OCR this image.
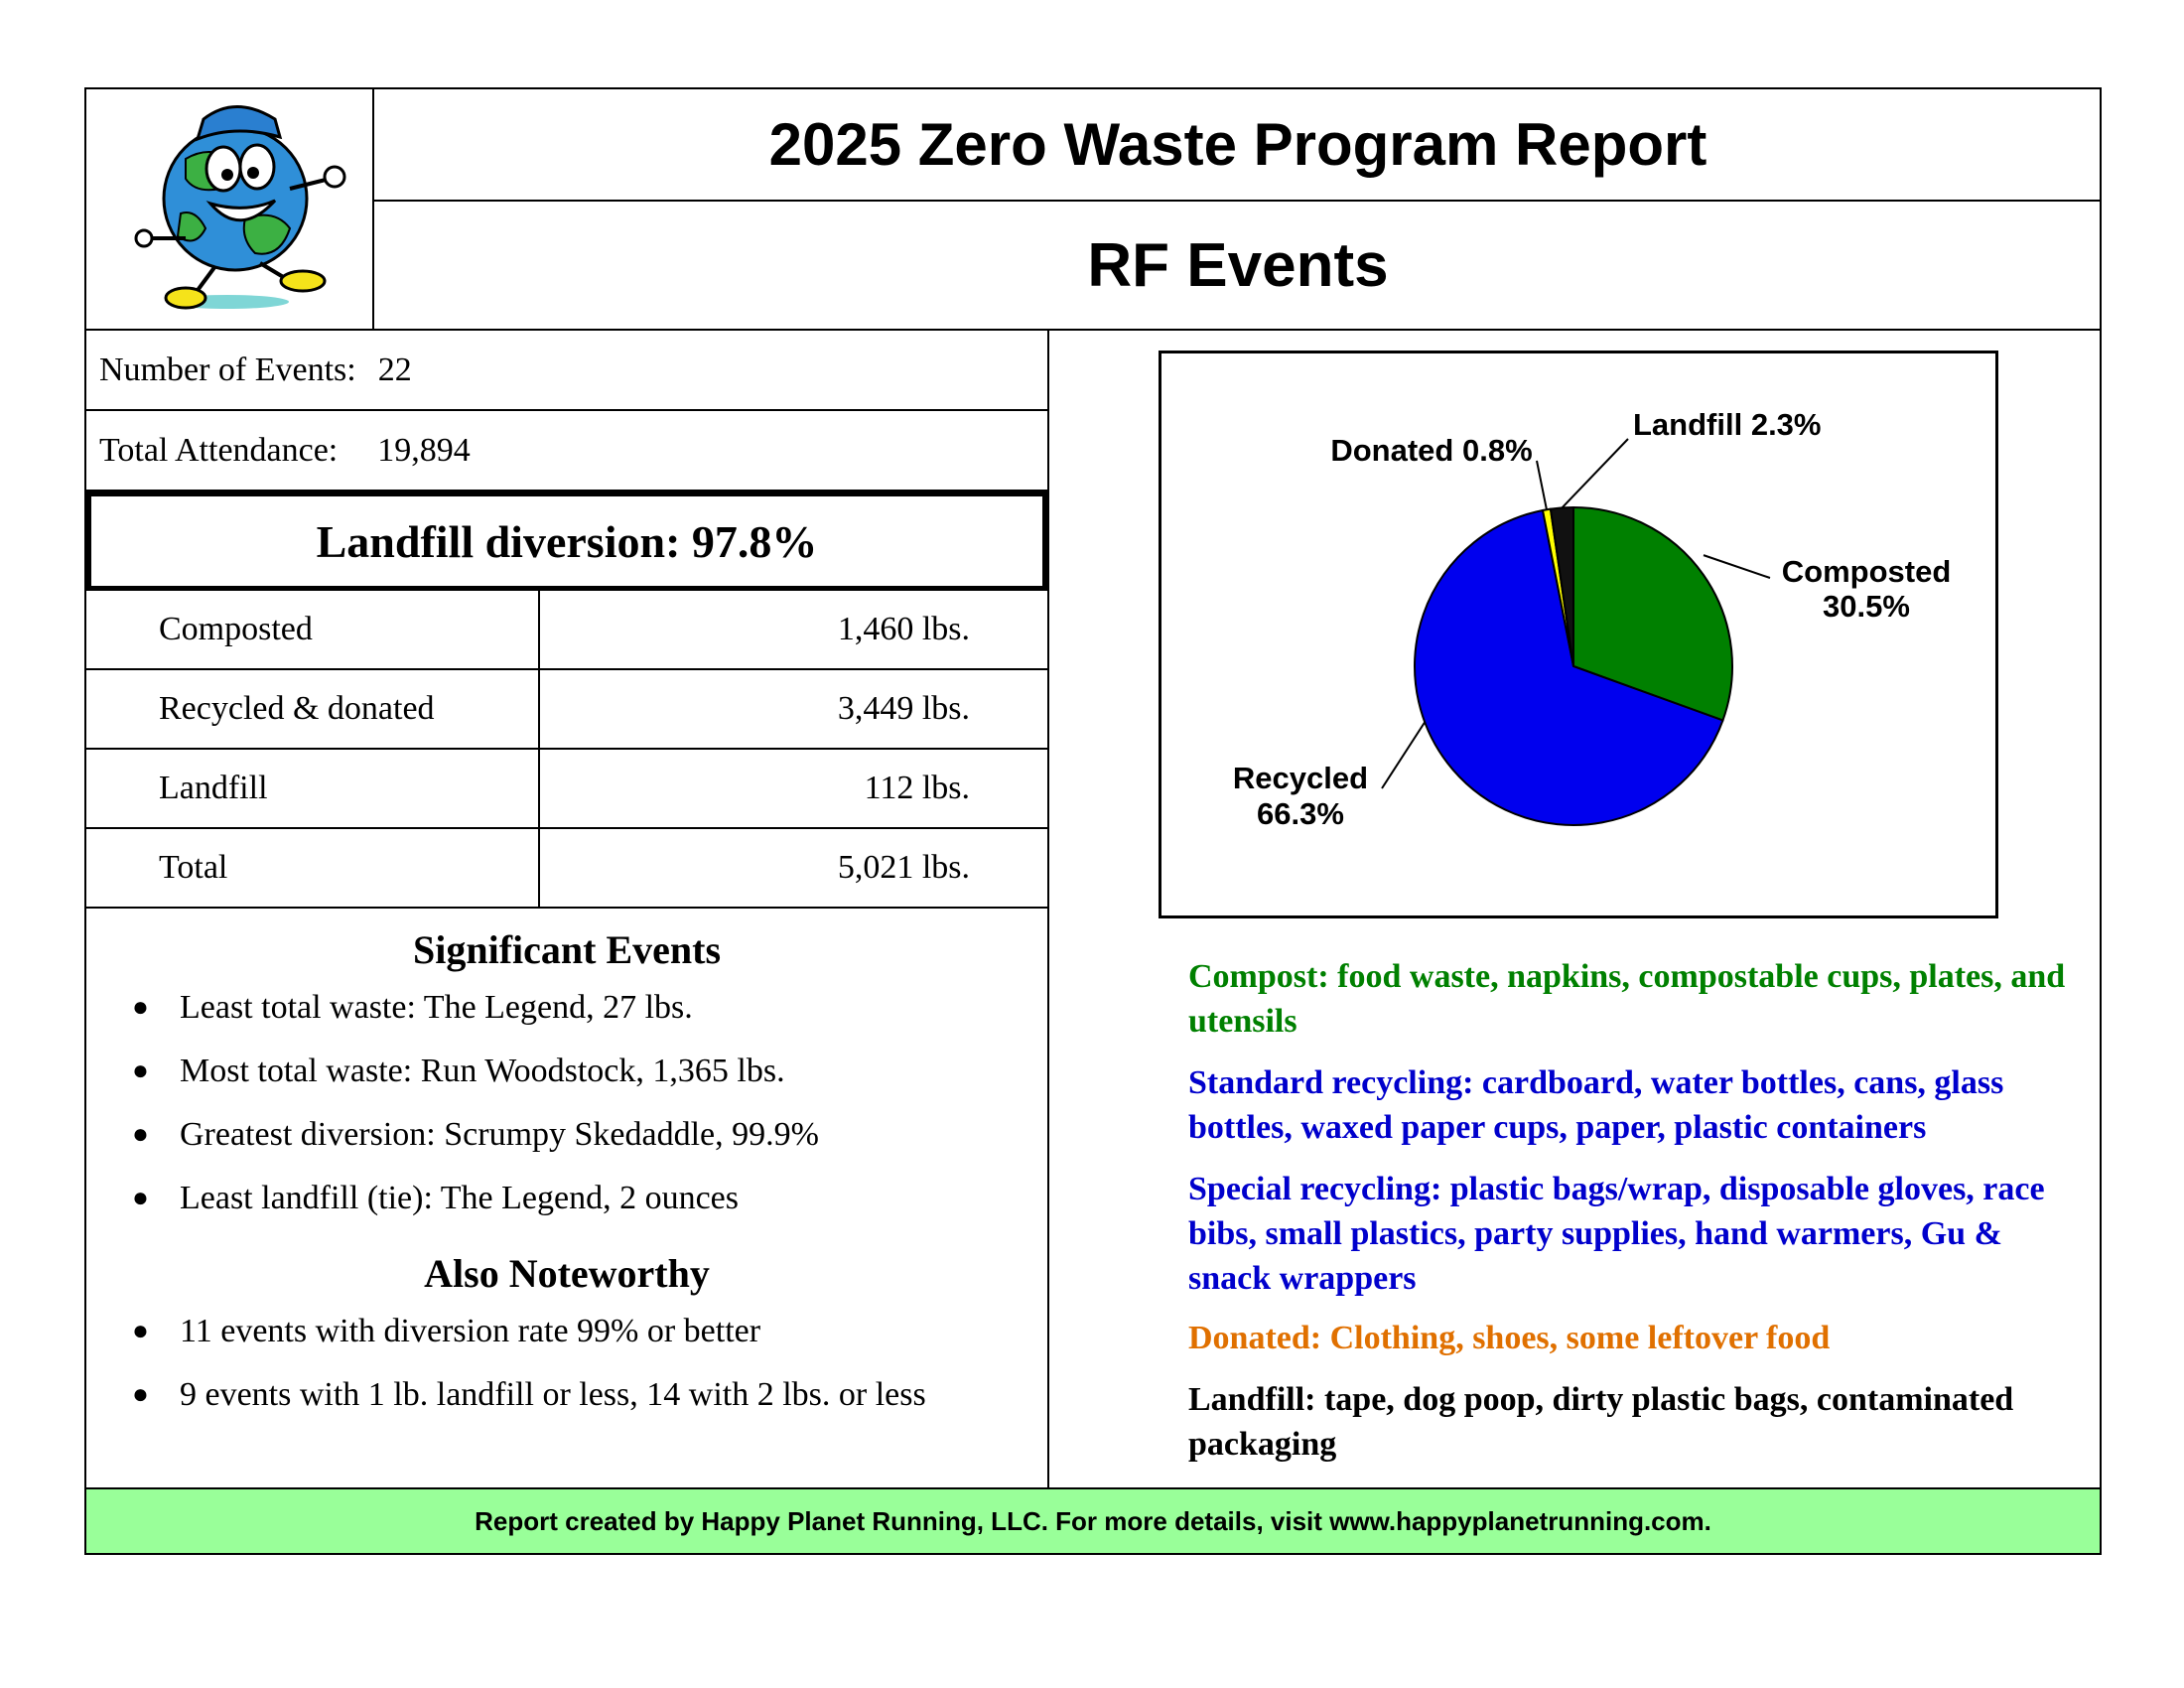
2025 Zero Waste Program Report
RF Events
Number of Events: 22
Total Attendance: 19,894
Landfill diversion: 97.8%
Composted	1,460 lbs.
Recycled & donated	3,449 lbs.
Landfill	112 lbs.
Total	5,021 lbs.
Significant Events
● Least total waste: The Legend, 27 lbs.
● Most total waste: Run Woodstock, 1,365 lbs.
● Greatest diversion: Scrumpy Skedaddle, 99.9%
● Least landfill (tie): The Legend, 2 ounces
Also Noteworthy
● 11 events with diversion rate 99% or better
● 9 events with 1 lb. landfill or less, 14 with 2 lbs. or less
Composted
30.5%
Recycled
66.3%
Donated 0.8%
Landfill 2.3%
Compost: food waste, napkins, compostable cups, plates, and utensils
Standard recycling: cardboard, water bottles, cans, glass bottles, waxed paper cups, paper, plastic containers
Special recycling: plastic bags/wrap, disposable gloves, race bibs, small plastics, party supplies, hand warmers, Gu & snack wrappers
Donated: Clothing, shoes, some leftover food
Landfill: tape, dog poop, dirty plastic bags, contaminated packaging
Report created by Happy Planet Running, LLC. For more details, visit www.happyplanetrunning.com.
